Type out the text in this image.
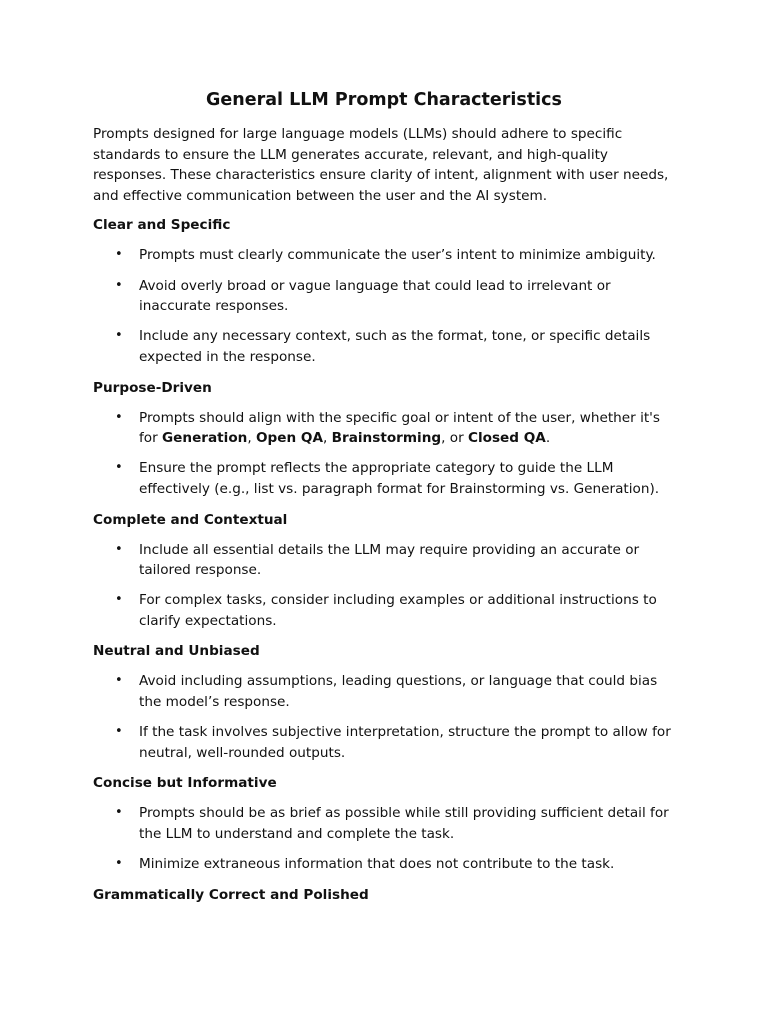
General LLM Prompt Characteristics

Prompts designed for large language models (LLMs) should adhere to specific standards to ensure the LLM generates accurate, relevant, and high-quality responses. These characteristics ensure clarity of intent, alignment with user needs, and effective communication between the user and the AI system.

Clear and Specific
• Prompts must clearly communicate the user’s intent to minimize ambiguity.
• Avoid overly broad or vague language that could lead to irrelevant or inaccurate responses.
• Include any necessary context, such as the format, tone, or specific details expected in the response.
Purpose-Driven
• Prompts should align with the specific goal or intent of the user, whether it's for Generation, Open QA, Brainstorming, or Closed QA.
• Ensure the prompt reflects the appropriate category to guide the LLM effectively (e.g., list vs. paragraph format for Brainstorming vs. Generation).
Complete and Contextual
• Include all essential details the LLM may require providing an accurate or tailored response.
• For complex tasks, consider including examples or additional instructions to clarify expectations.
Neutral and Unbiased
• Avoid including assumptions, leading questions, or language that could bias the model’s response.
• If the task involves subjective interpretation, structure the prompt to allow for neutral, well-rounded outputs.
Concise but Informative
• Prompts should be as brief as possible while still providing sufficient detail for the LLM to understand and complete the task.
• Minimize extraneous information that does not contribute to the task.
Grammatically Correct and Polished
